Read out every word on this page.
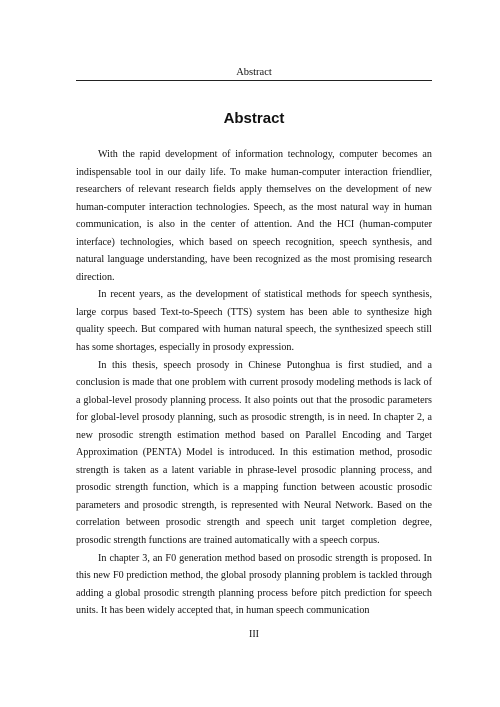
Abstract
Abstract

With the rapid development of information technology, computer becomes an indispensable tool in our daily life. To make human-computer interaction friendlier, researchers of relevant research fields apply themselves on the development of new human-computer interaction technologies. Speech, as the most natural way in human communication, is also in the center of attention. And the HCI (human-computer interface) technologies, which based on speech recognition, speech synthesis, and natural language understanding, have been recognized as the most promising research direction.

In recent years, as the development of statistical methods for speech synthesis, large corpus based Text-to-Speech (TTS) system has been able to synthesize high quality speech. But compared with human natural speech, the synthesized speech still has some shortages, especially in prosody expression.

In this thesis, speech prosody in Chinese Putonghua is first studied, and a conclusion is made that one problem with current prosody modeling methods is lack of a global-level prosody planning process. It also points out that the prosodic parameters for global-level prosody planning, such as prosodic strength, is in need. In chapter 2, a new prosodic strength estimation method based on Parallel Encoding and Target Approximation (PENTA) Model is introduced. In this estimation method, prosodic strength is taken as a latent variable in phrase-level prosodic planning process, and prosodic strength function, which is a mapping function between acoustic prosodic parameters and prosodic strength, is represented with Neural Network. Based on the correlation between prosodic strength and speech unit target completion degree, prosodic strength functions are trained automatically with a speech corpus.

In chapter 3, an F0 generation method based on prosodic strength is proposed. In this new F0 prediction method, the global prosody planning problem is tackled through adding a global prosodic strength planning process before pitch prediction for speech units. It has been widely accepted that, in human speech communication

III
